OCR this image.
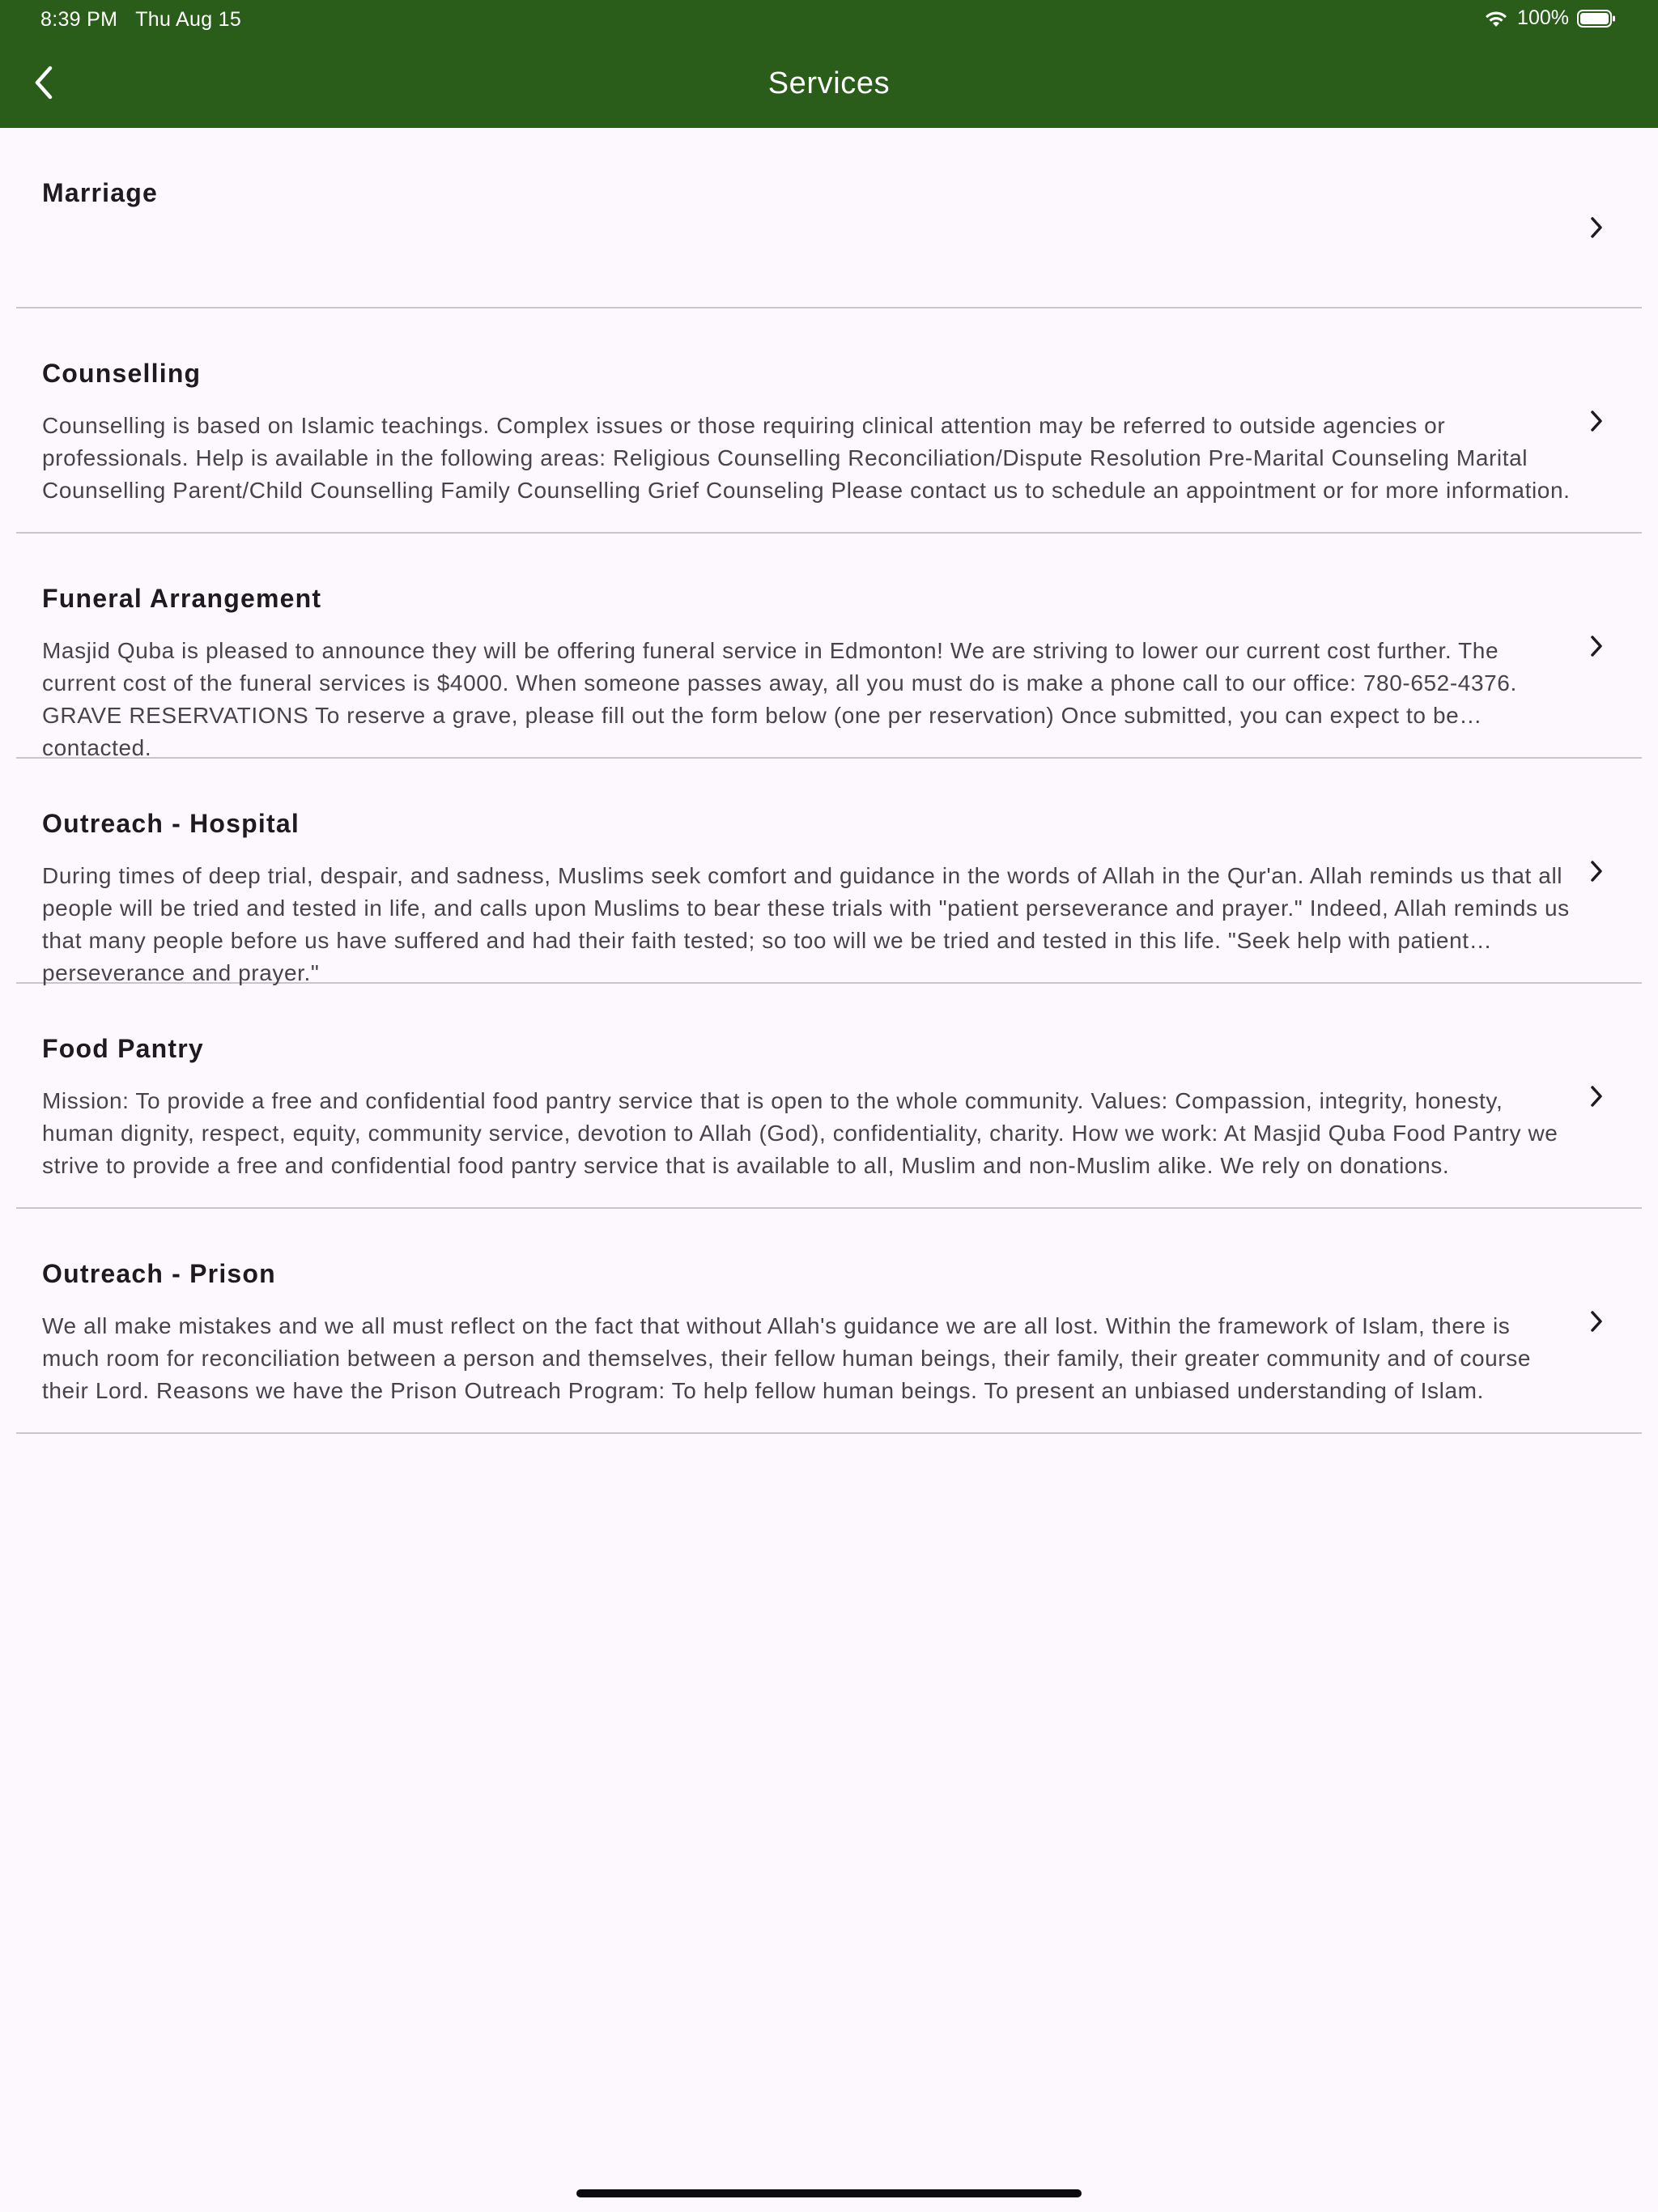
8:39 PM Thu Aug 15	100%
Services
Marriage
Counselling
Counselling is based on Islamic teachings. Complex issues or those requiring clinical attention may be referred to outside agencies or professionals. Help is available in the following areas: Religious Counselling Reconciliation/Dispute Resolution Pre-Marital Counseling Marital Counselling Parent/Child Counselling Family Counselling Grief Counseling Please contact us to schedule an appointment or for more information.
Funeral Arrangement
Masjid Quba is pleased to announce they will be offering funeral service in Edmonton! We are striving to lower our current cost further. The current cost of the funeral services is $4000. When someone passes away, all you must do is make a phone call to our office: 780-652-4376. GRAVE RESERVATIONS To reserve a grave, please fill out the form below (one per reservation) Once submitted, you can expect to be contacted.
Outreach - Hospital
During times of deep trial, despair, and sadness, Muslims seek comfort and guidance in the words of Allah in the Qur'an. Allah reminds us that all people will be tried and tested in life, and calls upon Muslims to bear these trials with "patient perseverance and prayer." Indeed, Allah reminds us that many people before us have suffered and had their faith tested; so too will we be tried and tested in this life. "Seek help with patient perseverance and prayer."
Food Pantry
Mission: To provide a free and confidential food pantry service that is open to the whole community. Values: Compassion, integrity, honesty, human dignity, respect, equity, community service, devotion to Allah (God), confidentiality, charity. How we work: At Masjid Quba Food Pantry we strive to provide a free and confidential food pantry service that is available to all, Muslim and non-Muslim alike. We rely on donations.
Outreach - Prison
We all make mistakes and we all must reflect on the fact that without Allah's guidance we are all lost. Within the framework of Islam, there is much room for reconciliation between a person and themselves, their fellow human beings, their family, their greater community and of course their Lord. Reasons we have the Prison Outreach Program: To help fellow human beings. To present an unbiased understanding of Islam.
